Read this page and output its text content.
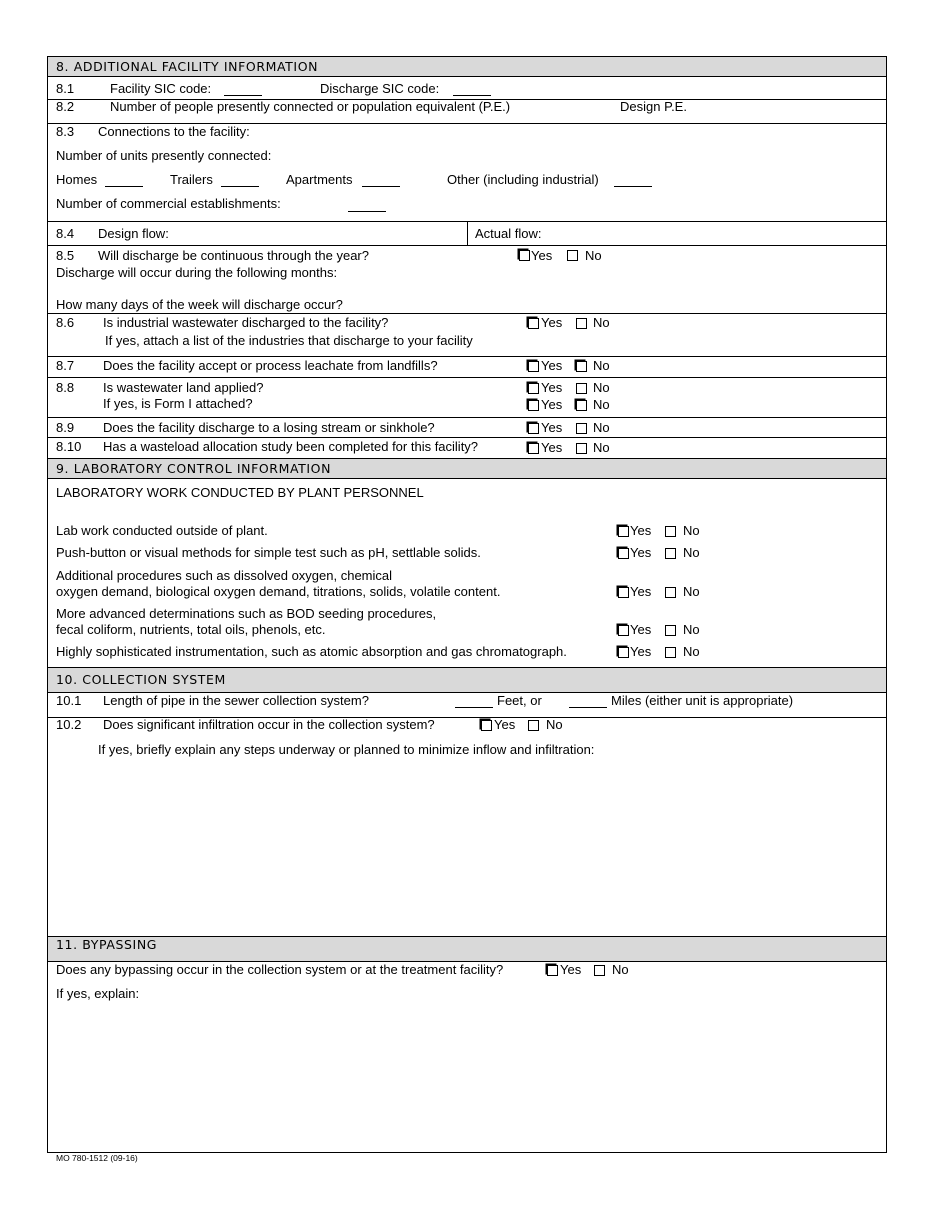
8. ADDITIONAL FACILITY INFORMATION
8.1	Facility SIC code:	Discharge SIC code:
8.2	Number of people presently connected or population equivalent (P.E.)	Design P.E.
8.3 Connections to the facility:
Number of units presently connected:
Homes	Trailers	Apartments	Other (including industrial)
Number of commercial establishments:
8.4 Design flow:	Actual flow:
8.5 Will discharge be continuous through the year?	Yes	No
Discharge will occur during the following months:
How many days of the week will discharge occur?
8.6 Is industrial wastewater discharged to the facility?	Yes No
If yes, attach a list of the industries that discharge to your facility
8.7 Does the facility accept or process leachate from landfills?	Yes No
8.8 Is wastewater land applied?	Yes No
If yes, is Form I attached?	Yes No
8.9 Does the facility discharge to a losing stream or sinkhole?	Yes No
8.10 Has a wasteload allocation study been completed for this facility?	Yes No
9. LABORATORY CONTROL INFORMATION
LABORATORY WORK CONDUCTED BY PLANT PERSONNEL
Lab work conducted outside of plant.	Yes No
Push-button or visual methods for simple test such as pH, settlable solids.	Yes No
Additional procedures such as dissolved oxygen, chemical
oxygen demand, biological oxygen demand, titrations, solids, volatile content.	Yes No
More advanced determinations such as BOD seeding procedures,
fecal coliform, nutrients, total oils, phenols, etc.	Yes No
Highly sophisticated instrumentation, such as atomic absorption and gas chromatograph.	Yes No
10. COLLECTION SYSTEM
10.1 Length of pipe in the sewer collection system?	Feet, or	Miles (either unit is appropriate)
10.2 Does significant infiltration occur in the collection system?	Yes No
If yes, briefly explain any steps underway or planned to minimize inflow and infiltration:
11. BYPASSING
Does any bypassing occur in the collection system or at the treatment facility?	Yes No
If yes, explain:
MO 780-1512 (09-16)
